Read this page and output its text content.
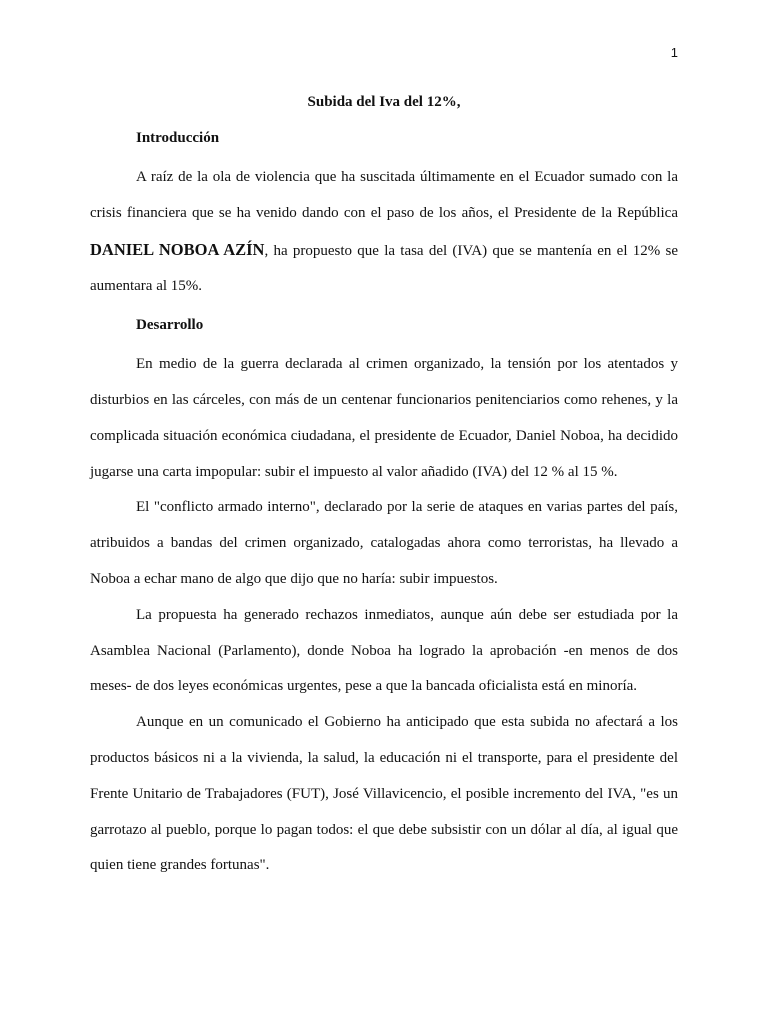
1
Subida del Iva del 12%,
Introducción

A raíz de la ola de violencia que ha suscitada últimamente en el Ecuador sumado con la crisis financiera que se ha venido dando con el paso de los años, el Presidente de la República DANIEL NOBOA AZÍN, ha propuesto que la tasa del (IVA) que se mantenía en el 12% se aumentara al 15%.

Desarrollo

En medio de la guerra declarada al crimen organizado, la tensión por los atentados y disturbios en las cárceles, con más de un centenar funcionarios penitenciarios como rehenes, y la complicada situación económica ciudadana, el presidente de Ecuador, Daniel Noboa, ha decidido jugarse una carta impopular: subir el impuesto al valor añadido (IVA) del 12 % al 15 %.

El "conflicto armado interno", declarado por la serie de ataques en varias partes del país, atribuidos a bandas del crimen organizado, catalogadas ahora como terroristas, ha llevado a Noboa a echar mano de algo que dijo que no haría: subir impuestos.

La propuesta ha generado rechazos inmediatos, aunque aún debe ser estudiada por la Asamblea Nacional (Parlamento), donde Noboa ha logrado la aprobación -en menos de dos meses- de dos leyes económicas urgentes, pese a que la bancada oficialista está en minoría.

Aunque en un comunicado el Gobierno ha anticipado que esta subida no afectará a los productos básicos ni a la vivienda, la salud, la educación ni el transporte, para el presidente del Frente Unitario de Trabajadores (FUT), José Villavicencio, el posible incremento del IVA, "es un garrotazo al pueblo, porque lo pagan todos: el que debe subsistir con un dólar al día, al igual que quien tiene grandes fortunas".
